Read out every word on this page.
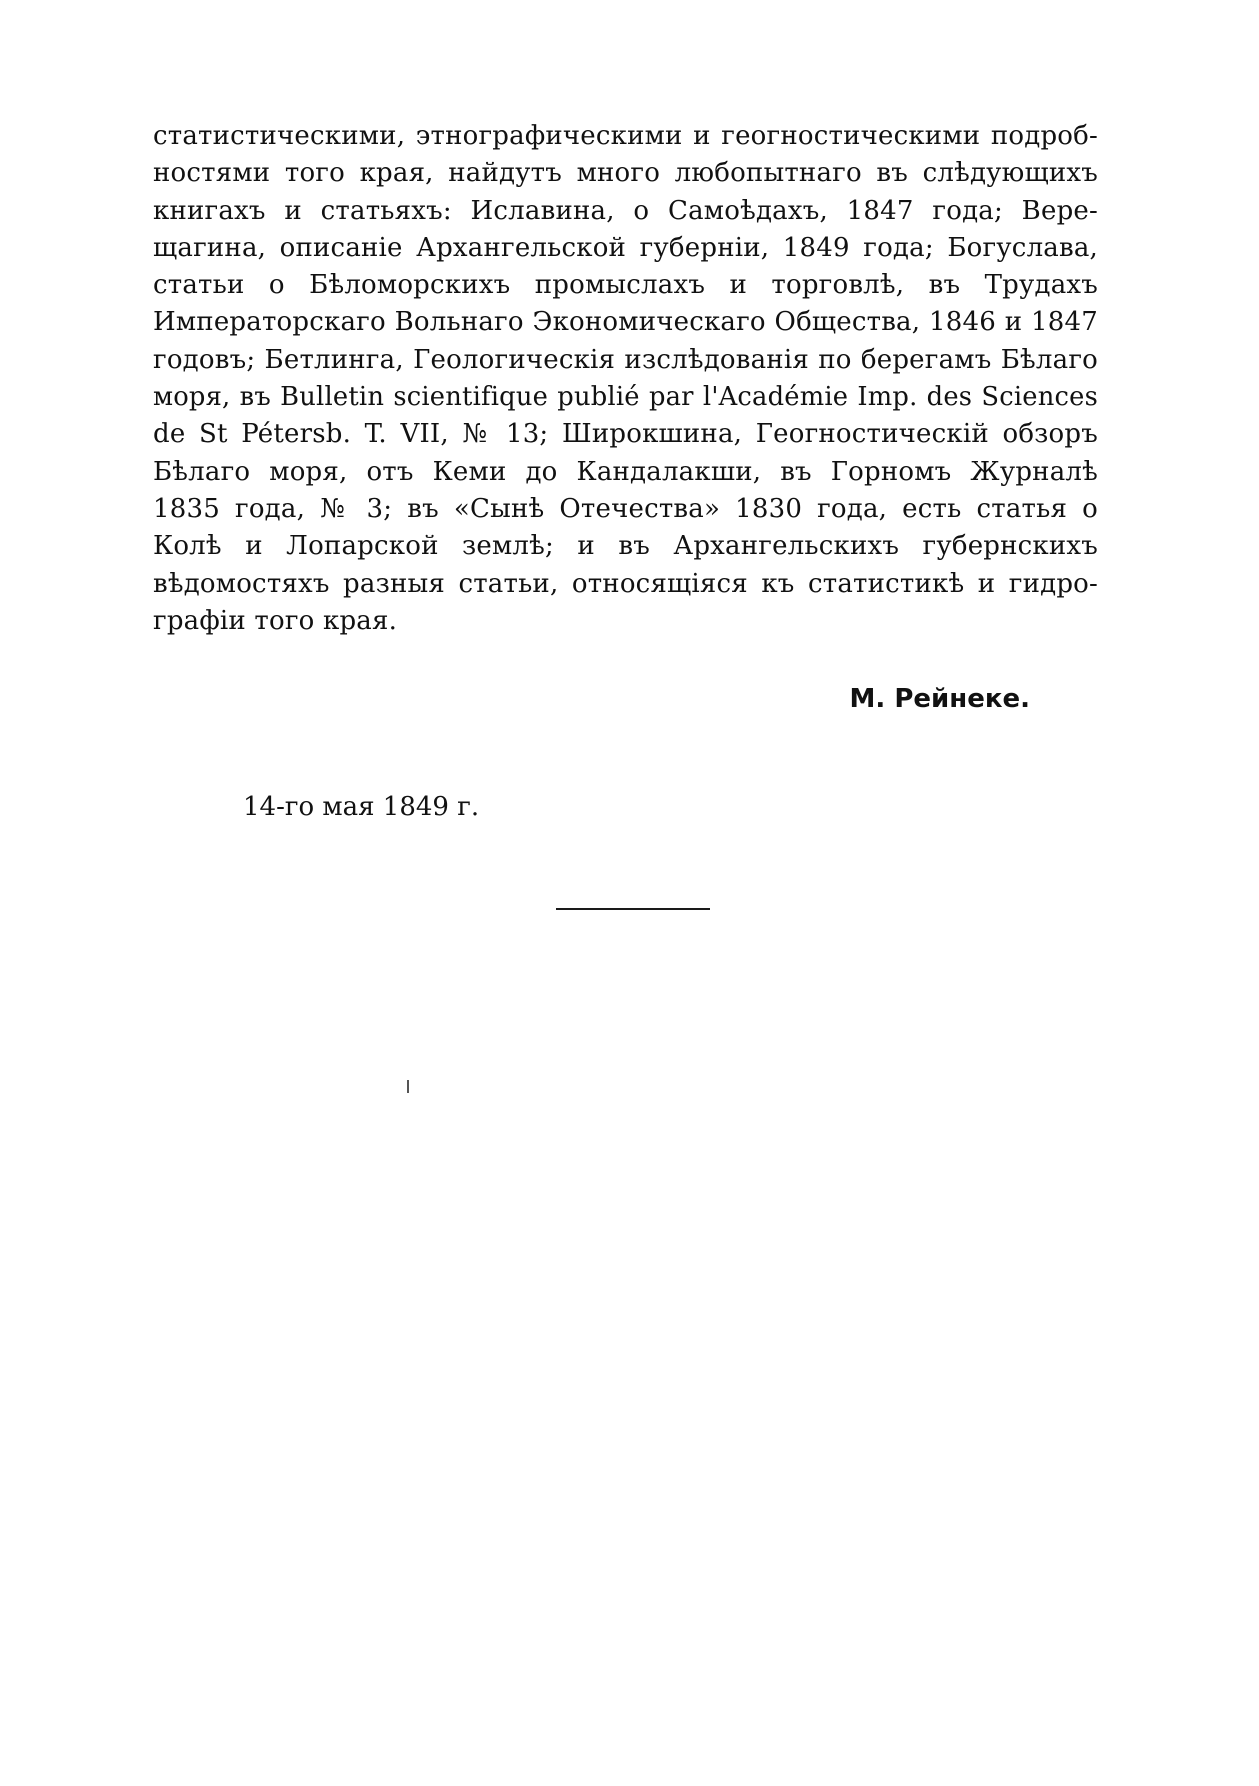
статистическими, этнографическими и геогностическими подроб-
ностями того края, найдутъ много любопытнаго въ слѣдующихъ
книгахъ и статьяхъ: Иславина, о Самоѣдахъ, 1847 года; Вере-
щагина, описаніе Архангельской губерніи, 1849 года; Богуслава,
статьи о Бѣломорскихъ промыслахъ и торговлѣ, въ Трудахъ
Императорскаго Вольнаго Экономическаго Общества, 1846 и 1847
годовъ; Бетлинга, Геологическія изслѣдованія по берегамъ Бѣлаго
моря, въ Bulletin scientifique publié par l'Académie Imp. des Sciences
de St Pétersb. T. VII, № 13; Широкшина, Геогностическій обзоръ
Бѣлаго моря, отъ Кеми до Кандалакши, въ Горномъ Журналѣ
1835 года, № 3; въ «Сынѣ Отечества» 1830 года, есть статья о
Колѣ и Лопарской землѣ; и въ Архангельскихъ губернскихъ
вѣдомостяхъ разныя статьи, относящіяся къ статистикѣ и гидро-
графіи того края.
М. Рейнеке.
14-го мая 1849 г.
